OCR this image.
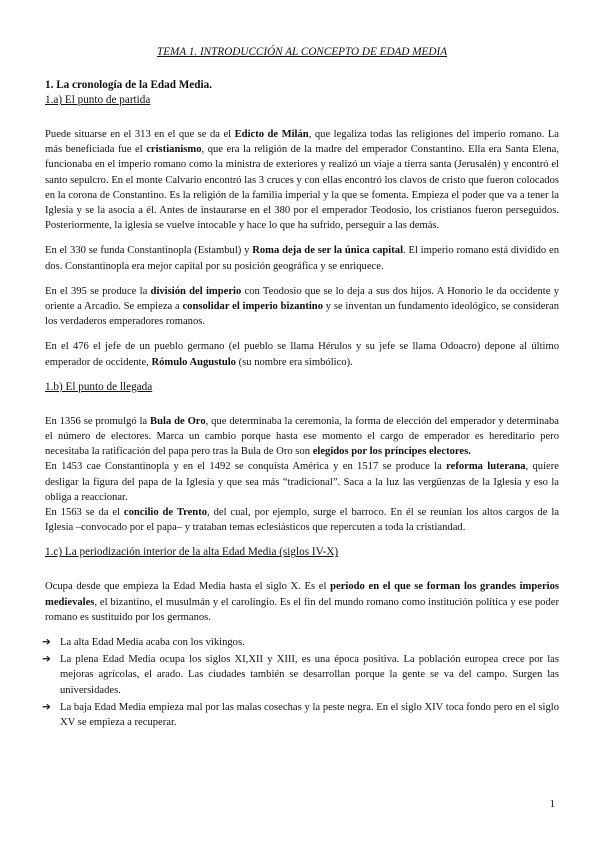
TEMA 1. INTRODUCCIÓN AL CONCEPTO DE EDAD MEDIA
1. La cronología de la Edad Media.
1.a) El punto de partida

Puede situarse en el 313 en el que se da el Edicto de Milán, que legaliza todas las religiones del imperio romano. La más beneficiada fue el cristianismo, que era la religión de la madre del emperador Constantino. Ella era Santa Elena, funcionaba en el imperio romano como la ministra de exteriores y realizó un viaje a tierra santa (Jerusalén) y encontró el santo sepulcro. En el monte Calvario encontró las 3 cruces y con ellas encontró los clavos de cristo que fueron colocados en la corona de Constantino. Es la religión de la familia imperial y la que se fomenta. Empieza el poder que va a tener la Iglesia y se la asocia a él. Antes de instaurarse en el 380 por el emperador Teodosio, los cristianos fueron perseguidos. Posteriormente, la iglesia se vuelve intocable y hace lo que ha sufrido, perseguir a las demás.

En el 330 se funda Constantinopla (Estambul) y Roma deja de ser la única capital. El imperio romano está dividido en dos. Constantinopla era mejor capital por su posición geográfica y se enriquece.

En el 395 se produce la división del imperio con Teodosio que se lo deja a sus dos hijos. A Honorio le da occidente y oriente a Arcadio. Se empieza a consolidar el imperio bizantino y se inventan un fundamento ideológico, se consideran los verdaderos emperadores romanos.

En el 476 el jefe de un pueblo germano (el pueblo se llama Hérulos y su jefe se llama Odoacro) depone al último emperador de occidente, Rómulo Augustulo (su nombre era simbólico).

1.b) El punto de llegada

En 1356 se promulgó la Bula de Oro, que determinaba la ceremonia, la forma de elección del emperador y determinaba el número de electores. Marca un cambio porque hasta ese momento el cargo de emperador es hereditario pero necesitaba la ratificación del papa pero tras la Bula de Oro son elegidos por los príncipes electores.

En 1453 cae Constantinopla y en el 1492 se conquista América y en 1517 se produce la reforma luterana, quiere desligar la figura del papa de la Iglesia y que sea más “tradicional”. Saca a la luz las vergüenzas de la Iglesia y eso la obliga a reaccionar.

En 1563 se da el concilio de Trento, del cual, por ejemplo, surge el barroco. En él se reunían los altos cargos de la Iglesia –convocado por el papa– y trataban temas eclesiásticos que repercuten a toda la cristiandad.

1.c) La periodización interior de la alta Edad Media (siglos IV-X)

Ocupa desde que empieza la Edad Media hasta el siglo X. Es el periodo en el que se forman los grandes imperios medievales, el bizantino, el musulmán y el carolingio. Es el fin del mundo romano como institución política y ese poder romano es sustituido por los germanos.

➔ La alta Edad Media acaba con los vikingos.
➔ La plena Edad Media ocupa los siglos XI,XII y XIII, es una época positiva. La población europea crece por las mejoras agrícolas, el arado. Las ciudades también se desarrollan porque la gente se va del campo. Surgen las universidades.
➔ La baja Edad Media empieza mal por las malas cosechas y la peste negra. En el siglo XIV toca fondo pero en el siglo XV se empieza a recuperar.
1
